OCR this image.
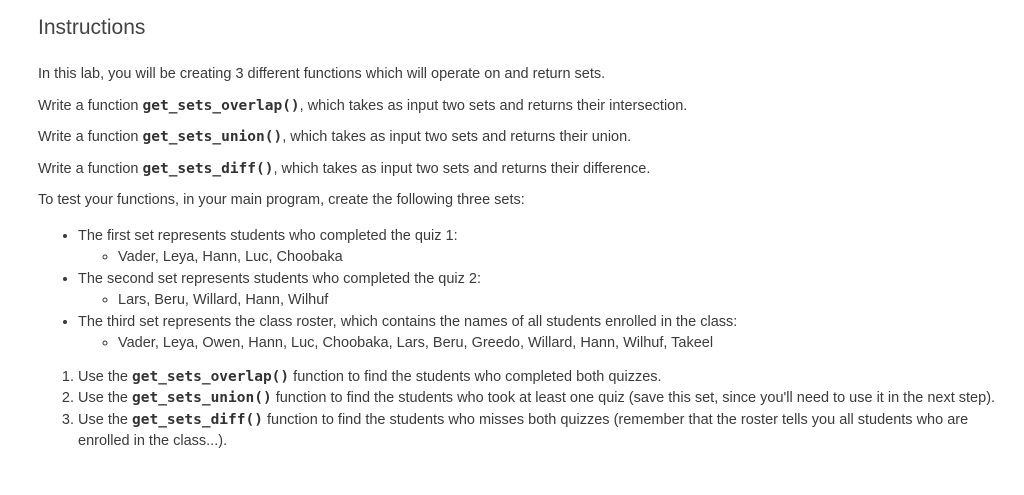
Instructions

In this lab, you will be creating 3 different functions which will operate on and return sets.

Write a function get_sets_overlap(), which takes as input two sets and returns their intersection.

Write a function get_sets_union(), which takes as input two sets and returns their union.

Write a function get_sets_diff(), which takes as input two sets and returns their difference.

To test your functions, in your main program, create the following three sets:

• The first set represents students who completed the quiz 1:
◦ Vader, Leya, Hann, Luc, Choobaka
• The second set represents students who completed the quiz 2:
◦ Lars, Beru, Willard, Hann, Wilhuf
• The third set represents the class roster, which contains the names of all students enrolled in the class:
◦ Vader, Leya, Owen, Hann, Luc, Choobaka, Lars, Beru, Greedo, Willard, Hann, Wilhuf, Takeel
1. Use the get_sets_overlap() function to find the students who completed both quizzes.
2. Use the get_sets_union() function to find the students who took at least one quiz (save this set, since you'll need to use it in the next step).
3. Use the get_sets_diff() function to find the students who misses both quizzes (remember that the roster tells you all students who are enrolled in the class...).
